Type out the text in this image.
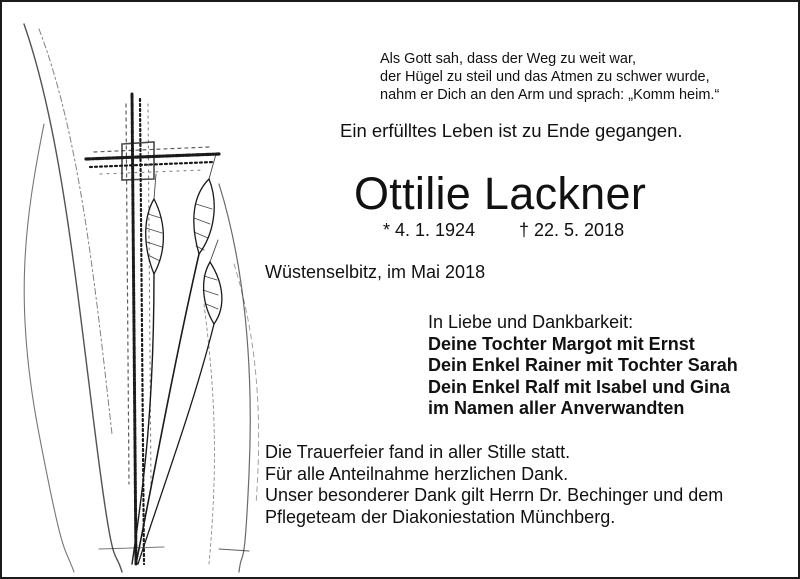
Als Gott sah, dass der Weg zu weit war,
der Hügel zu steil und das Atmen zu schwer wurde,
nahm er Dich an den Arm und sprach: „Komm heim.“
Ein erfülltes Leben ist zu Ende gegangen.
Ottilie Lackner
* 4. 1. 1924 † 22. 5. 2018
Wüstenselbitz, im Mai 2018
In Liebe und Dankbarkeit:
Deine Tochter Margot mit Ernst
Dein Enkel Rainer mit Tochter Sarah
Dein Enkel Ralf mit Isabel und Gina
im Namen aller Anverwandten
Die Trauerfeier fand in aller Stille statt.
Für alle Anteilnahme herzlichen Dank.
Unser besonderer Dank gilt Herrn Dr. Bechinger und dem
Pflegeteam der Diakoniestation Münchberg.
